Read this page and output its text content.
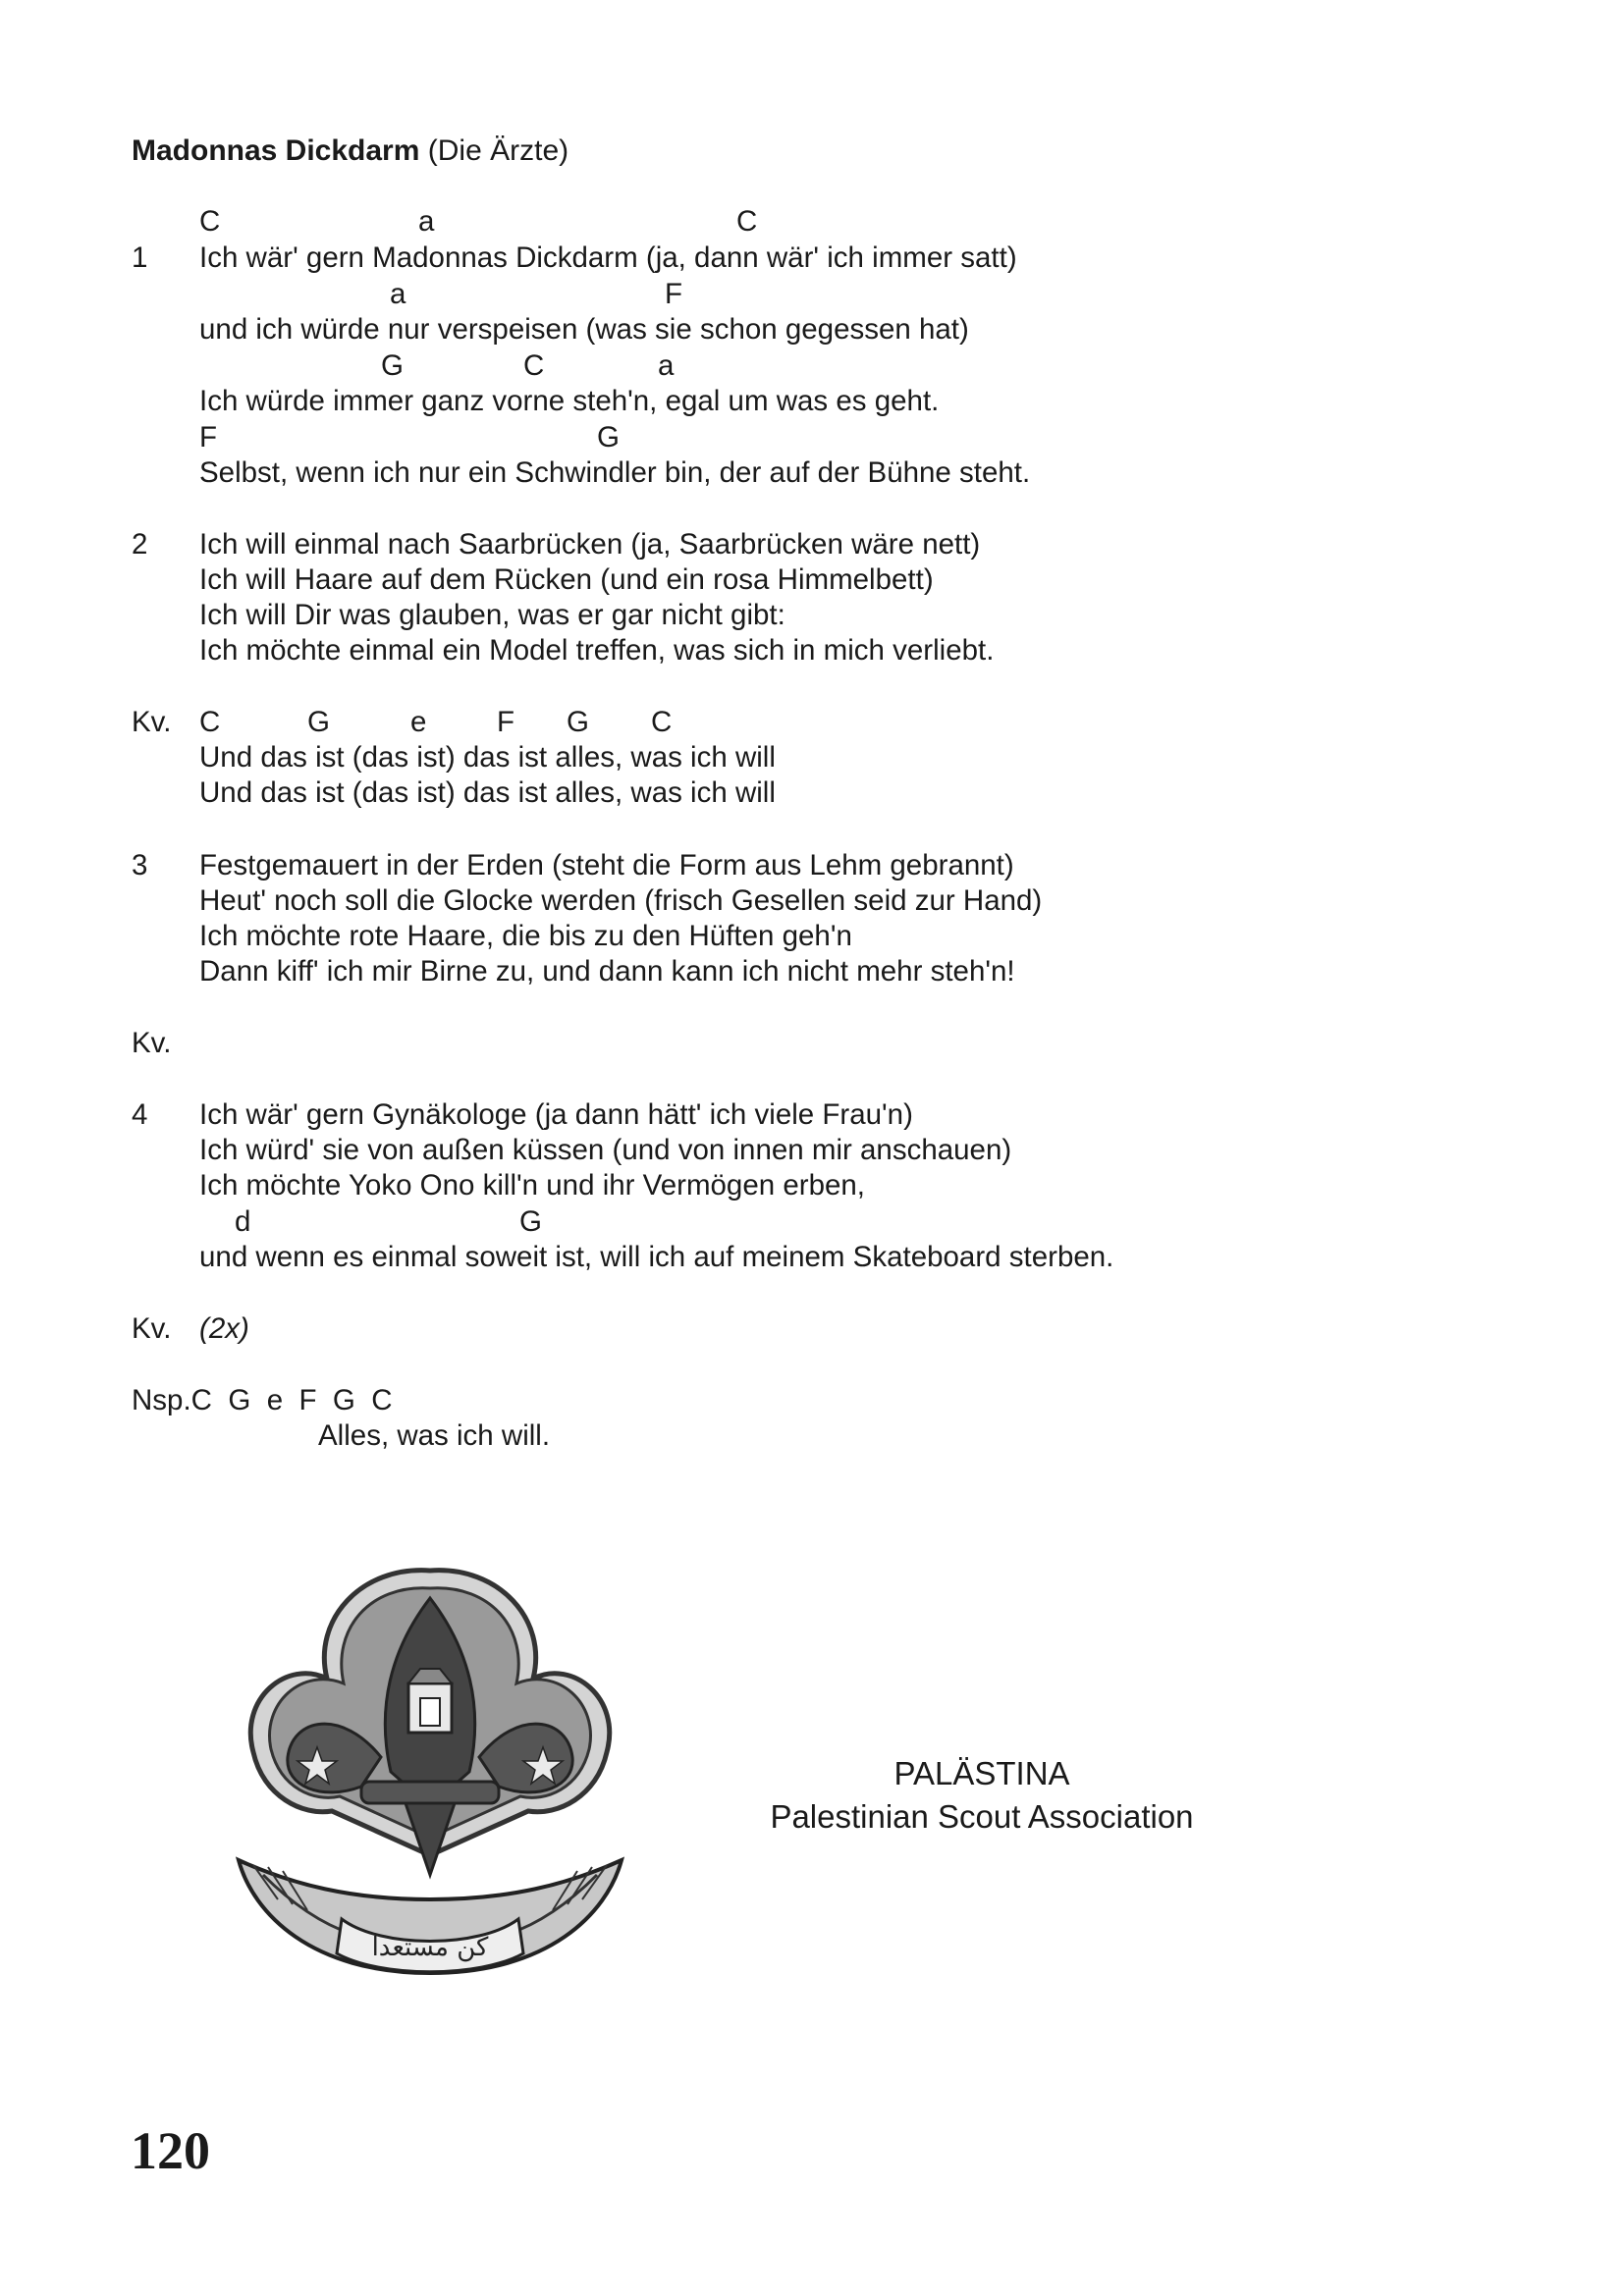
Madonnas Dickdarm (Die Ärzte)
C	a	C
1 Ich wär' gern Madonnas Dickdarm (ja, dann wär' ich immer satt)
a	F
und ich würde nur verspeisen (was sie schon gegessen hat)
G	C	a
Ich würde immer ganz vorne steh'n, egal um was es geht.
F	G
Selbst, wenn ich nur ein Schwindler bin, der auf der Bühne steht.
2 Ich will einmal nach Saarbrücken (ja, Saarbrücken wäre nett)
Ich will Haare auf dem Rücken (und ein rosa Himmelbett)
Ich will Dir was glauben, was er gar nicht gibt:
Ich möchte einmal ein Model treffen, was sich in mich verliebt.
Kv. C	G	e F G C
Und das ist (das ist) das ist alles, was ich will
Und das ist (das ist) das ist alles, was ich will
3 Festgemauert in der Erden (steht die Form aus Lehm gebrannt)
Heut' noch soll die Glocke werden (frisch Gesellen seid zur Hand)
Ich möchte rote Haare, die bis zu den Hüften geh'n
Dann kiff' ich mir Birne zu, und dann kann ich nicht mehr steh'n!
Kv.
4 Ich wär' gern Gynäkologe (ja dann hätt' ich viele Frau'n)
Ich würd' sie von außen küssen (und von innen mir anschauen)
Ich möchte Yoko Ono kill'n und ihr Vermögen erben,
d	G
und wenn es einmal soweit ist, will ich auf meinem Skateboard sterben.
Kv. (2x)
Nsp.C  G  e  F  G  C
Alles, was ich will.
كن مستعدا
PALÄSTINA
Palestinian Scout Association
120
